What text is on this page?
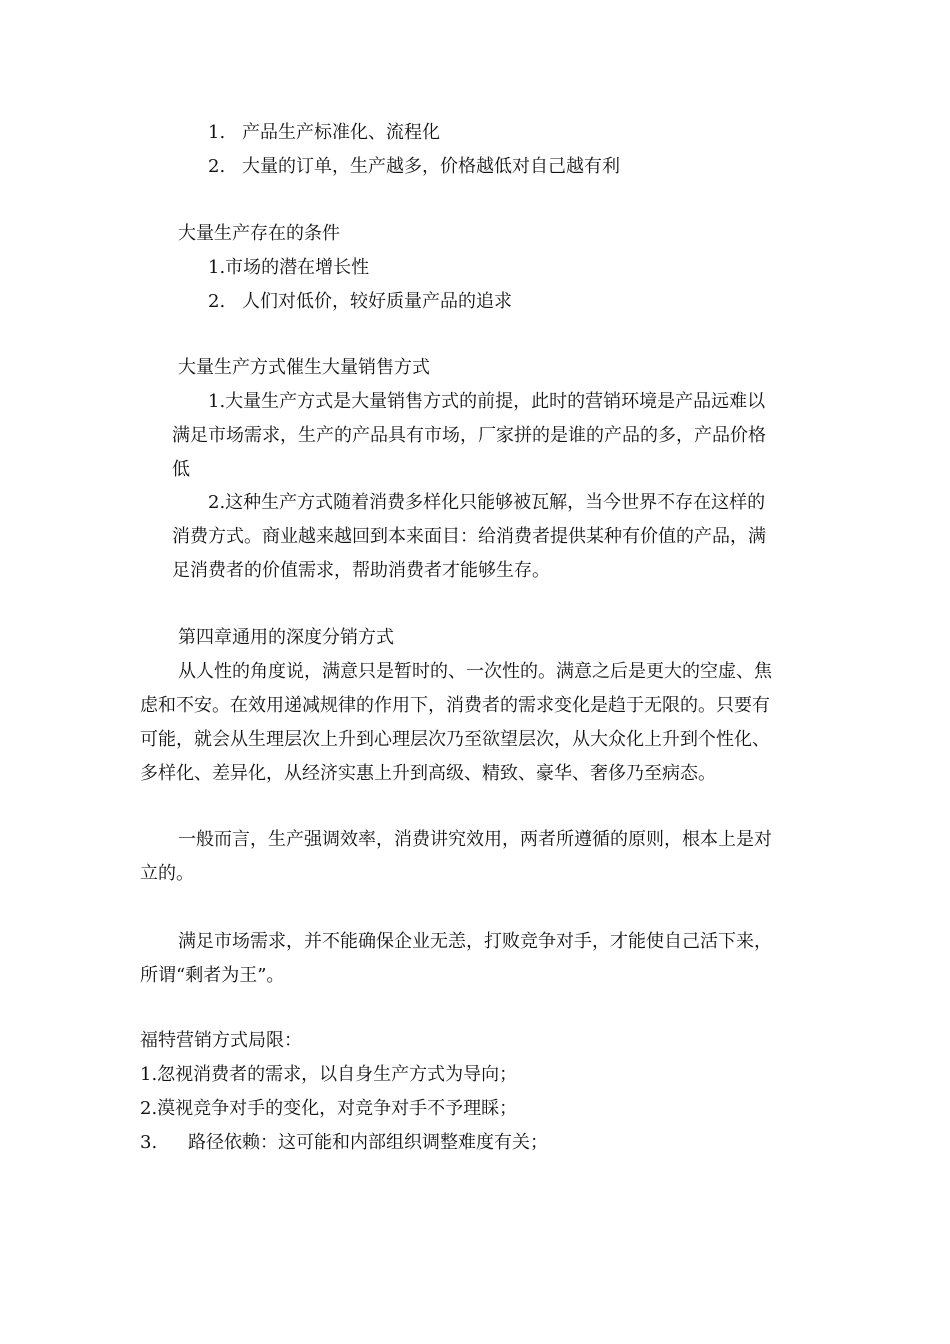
1. 产品生产标准化、流程化

2. 大量的订单，生产越多，价格越低对自己越有利

大量生产存在的条件

1.市场的潜在增长性

2. 人们对低价，较好质量产品的追求

大量生产方式催生大量销售方式

1.大量生产方式是大量销售方式的前提，此时的营销环境是产品远难以

满足市场需求，生产的产品具有市场，厂家拼的是谁的产品的多，产品价格

低

2.这种生产方式随着消费多样化只能够被瓦解，当今世界不存在这样的

消费方式。商业越来越回到本来面目：给消费者提供某种有价值的产品，满

足消费者的价值需求，帮助消费者才能够生存。

第四章通用的深度分销方式

从人性的角度说，满意只是暂时的、一次性的。满意之后是更大的空虚、焦

虑和不安。在效用递减规律的作用下，消费者的需求变化是趋于无限的。只要有

可能，就会从生理层次上升到心理层次乃至欲望层次，从大众化上升到个性化、

多样化、差异化，从经济实惠上升到高级、精致、豪华、奢侈乃至病态。

一般而言，生产强调效率，消费讲究效用，两者所遵循的原则，根本上是对

立的。

满足市场需求，并不能确保企业无恙，打败竞争对手，才能使自己活下来，

所谓“剩者为王”。

福特营销方式局限：

1.忽视消费者的需求，以自身生产方式为导向；

2.漠视竞争对手的变化，对竞争对手不予理睬；

3. 路径依赖：这可能和内部组织调整难度有关；
